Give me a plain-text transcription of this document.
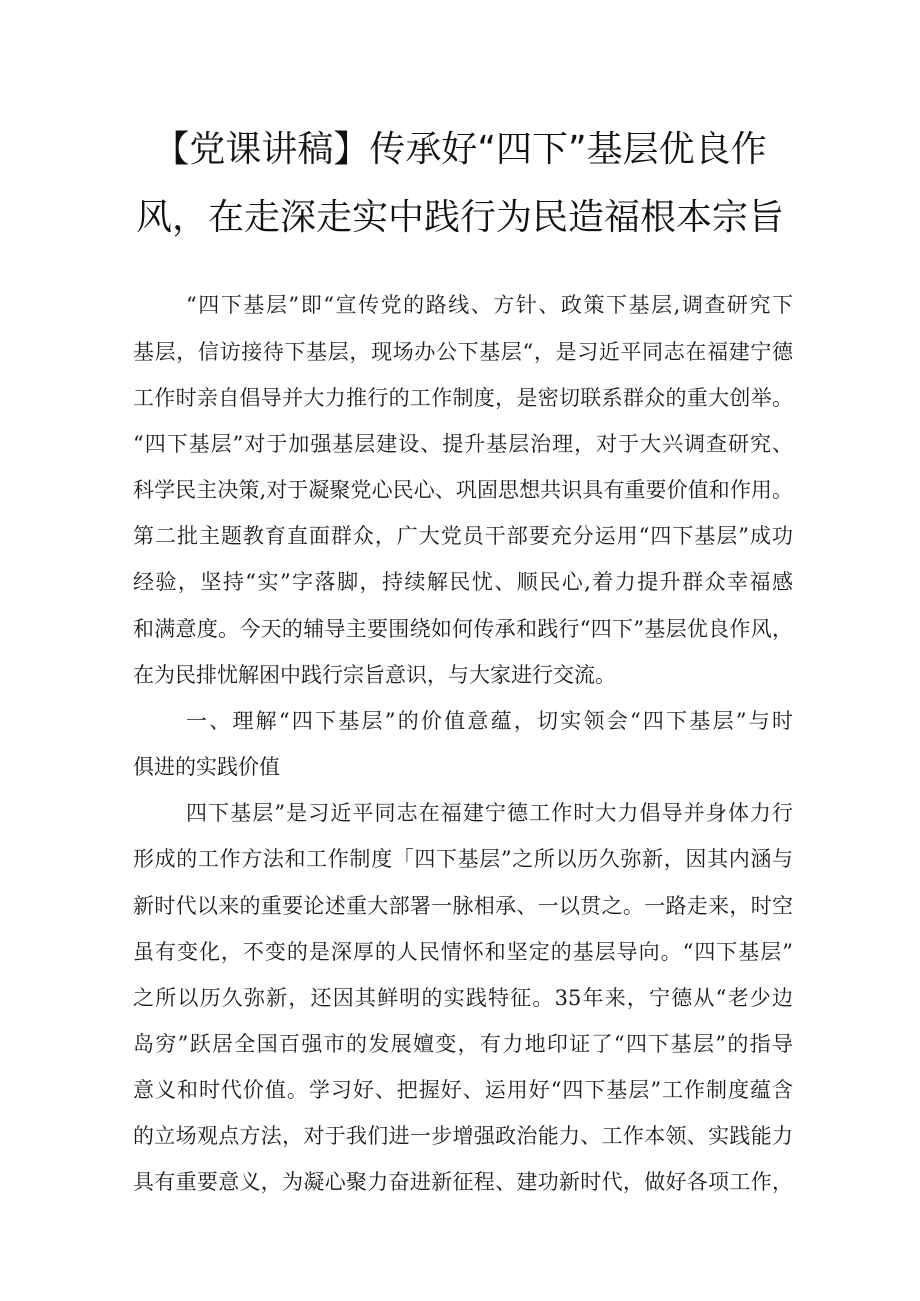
【党课讲稿】传承好“四下”基层优良作
风，在走深走实中践行为民造福根本宗旨

“四下基层”即“宣传党的路线、方针、政策下基层,调查研究下

基层，信访接待下基层，现场办公下基层“，是习近平同志在福建宁德

工作时亲自倡导并大力推行的工作制度，是密切联系群众的重大创举。

“四下基层”对于加强基层建设、提升基层治理，对于大兴调查研究、

科学民主决策,对于凝聚党心民心、巩固思想共识具有重要价值和作用。

第二批主题教育直面群众，广大党员干部要充分运用“四下基层”成功

经验，坚持“实”字落脚，持续解民忧、顺民心,着力提升群众幸福感

和满意度。今天的辅导主要围绕如何传承和践行“四下”基层优良作风，

在为民排忧解困中践行宗旨意识，与大家进行交流。

一、理解“四下基层”的价值意蕴，切实领会“四下基层”与时

俱进的实践价值

四下基层”是习近平同志在福建宁德工作时大力倡导并身体力行

形成的工作方法和工作制度「四下基层”之所以历久弥新，因其内涵与

新时代以来的重要论述重大部署一脉相承、一以贯之。一路走来，时空

虽有变化，不变的是深厚的人民情怀和坚定的基层导向。“四下基层”

之所以历久弥新，还因其鲜明的实践特征。35年来，宁德从“老少边

岛穷”跃居全国百强市的发展嬗变，有力地印证了“四下基层”的指导

意义和时代价值。学习好、把握好、运用好“四下基层”工作制度蕴含

的立场观点方法，对于我们进一步增强政治能力、工作本领、实践能力

具有重要意义，为凝心聚力奋进新征程、建功新时代，做好各项工作，
